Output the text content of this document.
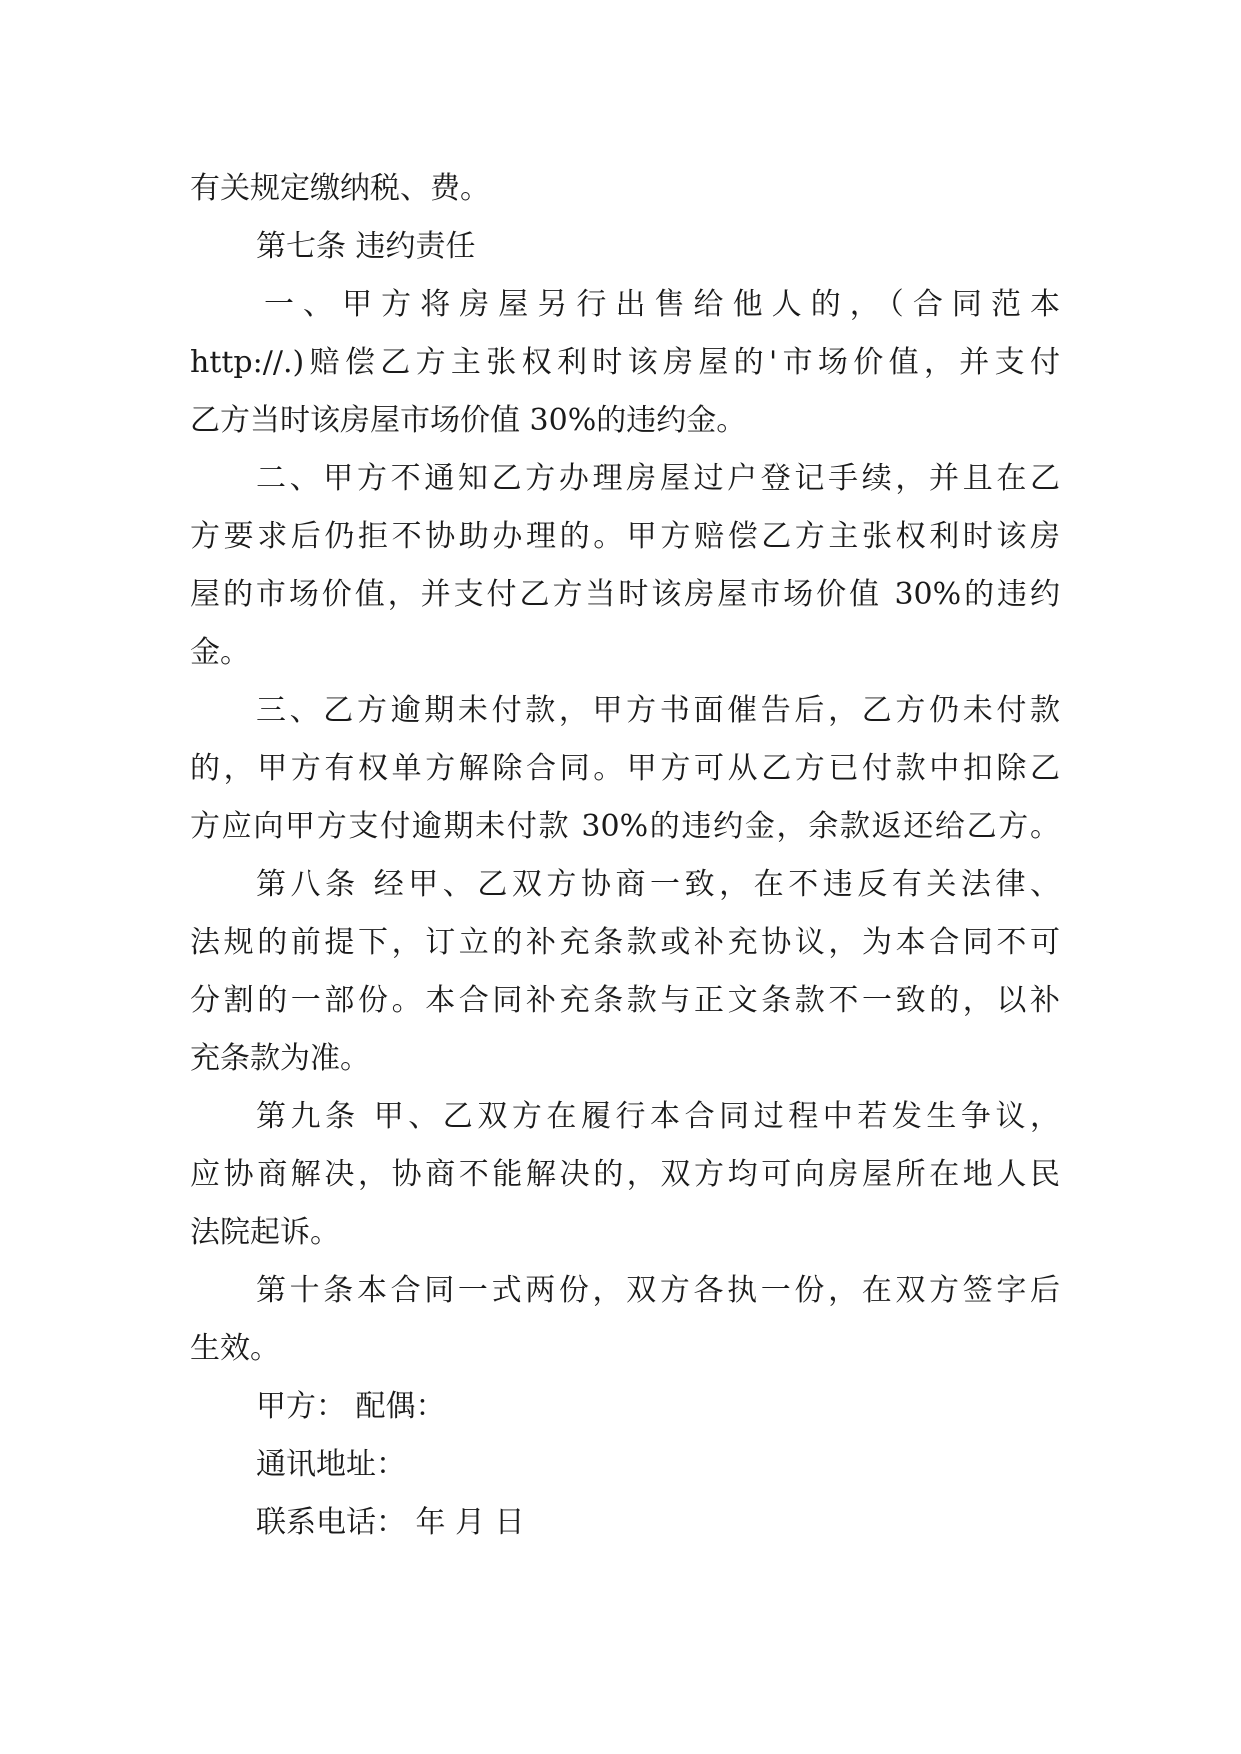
有关规定缴纳税、费。
第七条 违约责任
一、甲方将房屋另行出售给他人的，（合同范本
http://.)赔偿乙方主张权利时该房屋的'市场价值，并支付
乙方当时该房屋市场价值 30%的违约金。
二、甲方不通知乙方办理房屋过户登记手续，并且在乙
方要求后仍拒不协助办理的。甲方赔偿乙方主张权利时该房
屋的市场价值，并支付乙方当时该房屋市场价值 30%的违约
金。
三、乙方逾期未付款，甲方书面催告后，乙方仍未付款
的，甲方有权单方解除合同。甲方可从乙方已付款中扣除乙
方应向甲方支付逾期未付款 30%的违约金，余款返还给乙方。
第八条 经甲、乙双方协商一致，在不违反有关法律、
法规的前提下，订立的补充条款或补充协议，为本合同不可
分割的一部份。本合同补充条款与正文条款不一致的，以补
充条款为准。
第九条 甲、乙双方在履行本合同过程中若发生争议，
应协商解决，协商不能解决的，双方均可向房屋所在地人民
法院起诉。
第十条本合同一式两份，双方各执一份，在双方签字后
生效。
甲方： 配偶：
通讯地址：
联系电话： 年 月 日
